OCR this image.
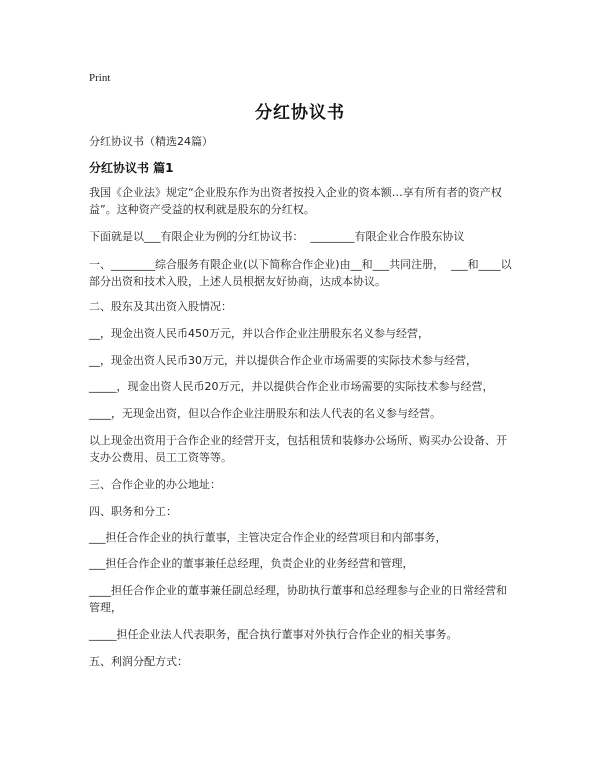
Print
分红协议书
分红协议书（精选24篇）
分红协议书 篇1

我国《企业法》规定“企业股东作为出资者按投入企业的资本额…享有所有者的资产权益”。这种资产受益的权利就是股东的分红权。

下面就是以___有限企业为例的分红协议书：  ________有限企业合作股东协议

一、________综合服务有限企业(以下简称合作企业)由__和___共同注册，  ___和____以部分出资和技术入股，上述人员根据友好协商，达成本协议。

二、股东及其出资入股情况：

__，现金出资人民币450万元，并以合作企业注册股东名义参与经营，

__，现金出资人民币30万元，并以提供合作企业市场需要的实际技术参与经营，

_____，现金出资人民币20万元，并以提供合作企业市场需要的实际技术参与经营，

____，无现金出资，但以合作企业注册股东和法人代表的名义参与经营。

以上现金出资用于合作企业的经营开支，包括租赁和装修办公场所、购买办公设备、开支办公费用、员工工资等等。

三、合作企业的办公地址：

四、职务和分工：

___担任合作企业的执行董事，主管决定合作企业的经营项目和内部事务，

___担任合作企业的董事兼任总经理，负责企业的业务经营和管理，

____担任合作企业的董事兼任副总经理，协助执行董事和总经理参与企业的日常经营和管理，

_____担任企业法人代表职务，配合执行董事对外执行合作企业的相关事务。

五、利润分配方式：
